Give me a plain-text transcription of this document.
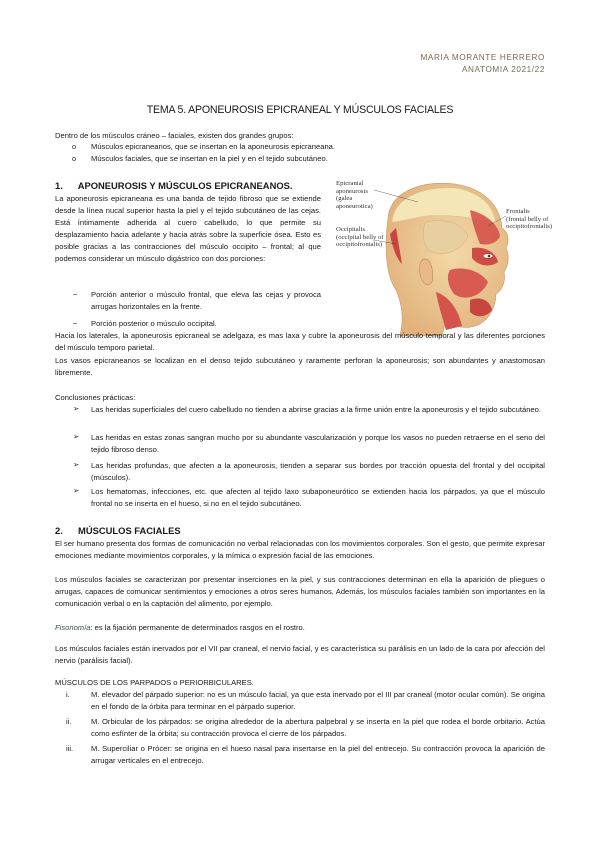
MARIA MORANTE HERRERO
ANATOMIA 2021/22
TEMA 5. APONEUROSIS EPICRANEAL Y MÚSCULOS FACIALES
Dentro de los músculos cráneo – faciales, existen dos grandes grupos:
o Músculos epicraneanos, que se insertan en la aponeurosis epicraneana.
o Músculos faciales, que se insertan en la piel y en el tejido subcutáneo.
1. APONEUROSIS Y MÚSCULOS EPICRANEANOS.
La aponeurosis epicraneana es una banda de tejido fibroso que se extiende desde la línea nucal superior hasta la piel y el tejido subcutáneo de las cejas. Está íntimamente adherida al cuero cabelludo, lo que permite su desplazamiento hacia adelante y hacia atrás sobre la superficie ósea. Esto es posible gracias a las contracciones del músculo occipito – frontal; al que podemos considerar un músculo digástrico con dos porciones:
– Porción anterior o músculo frontal, que eleva las cejas y provoca arrugas horizontales en la frente.
– Porción posterior o músculo occipital.
Epicranial
aponeurosis
(galea
aponeurotica)
Occipitalis
(occipital belly of
occipitofrontalis)
Frontalis
(frontal belly of
occipitofrontalis)
Hacia los laterales, la aponeurosis epicraneal se adelgaza, es mas laxa y cubre la aponeurosis del músculo temporal y las diferentes porciones del músculo temporo parietal.
Los vasos epicraneanos se localizan en el denso tejido subcutáneo y raramente perforan la aponeurosis; son abundantes y anastomosan libremente.
Conclusiones prácticas:
➢ Las heridas superficiales del cuero cabelludo no tienden a abrirse gracias a la firme unión entre la aponeurosis y el tejido subcutáneo.
➢ Las heridas en estas zonas sangran mucho por su abundante vascularización y porque los vasos no pueden retraerse en el seno del tejido fibroso denso.
➢ Las heridas profundas, que afecten a la aponeurosis, tienden a separar sus bordes por tracción opuesta del frontal y del occipital (músculos).
➢ Los hematomas, infecciones, etc. que afecten al tejido laxo subaponeurótico se extienden hacia los párpados, ya que el músculo frontal no se inserta en el hueso, si no en el tejido subcutáneo.
2. MÚSCULOS FACIALES
El ser humano presenta dos formas de comunicación no verbal relacionadas con los movimientos corporales. Son el gesto, que permite expresar emociones mediante movimientos corporales, y la mímica o expresión facial de las emociones.
Los músculos faciales se caracterizan por presentar inserciones en la piel, y sus contracciones determinan en ella la aparición de pliegues o arrugas, capaces de comunicar sentimientos y emociones a otros seres humanos. Además, los músculos faciales también son importantes en la comunicación verbal o en la captación del alimento, por ejemplo.
Fisonomía: es la fijación permanente de determinados rasgos en el rostro.
Los músculos faciales están inervados por el VII par craneal, el nervio facial, y es característica su parálisis en un lado de la cara por afección del nervio (parálisis facial).
MÚSCULOS DE LOS PARPADOS o PERIORBICULARES.
i.	M. elevador del párpado superior: no es un músculo facial, ya que esta inervado por el III par craneal (motor ocular común). Se origina en el fondo de la órbita para terminar en el párpado superior.
ii.	M. Orbicular de los párpados: se origina alrededor de la abertura palpebral y se inserta en la piel que rodea el borde orbitario. Actúa como esfínter de la órbita; su contracción provoca el cierre de los párpados.
iii. M. Superciliar o Prócer: se origina en el hueso nasal para insertarse en la piel del entrecejo. Su contracción provoca la aparición de arrugar verticales en el entrecejo.
